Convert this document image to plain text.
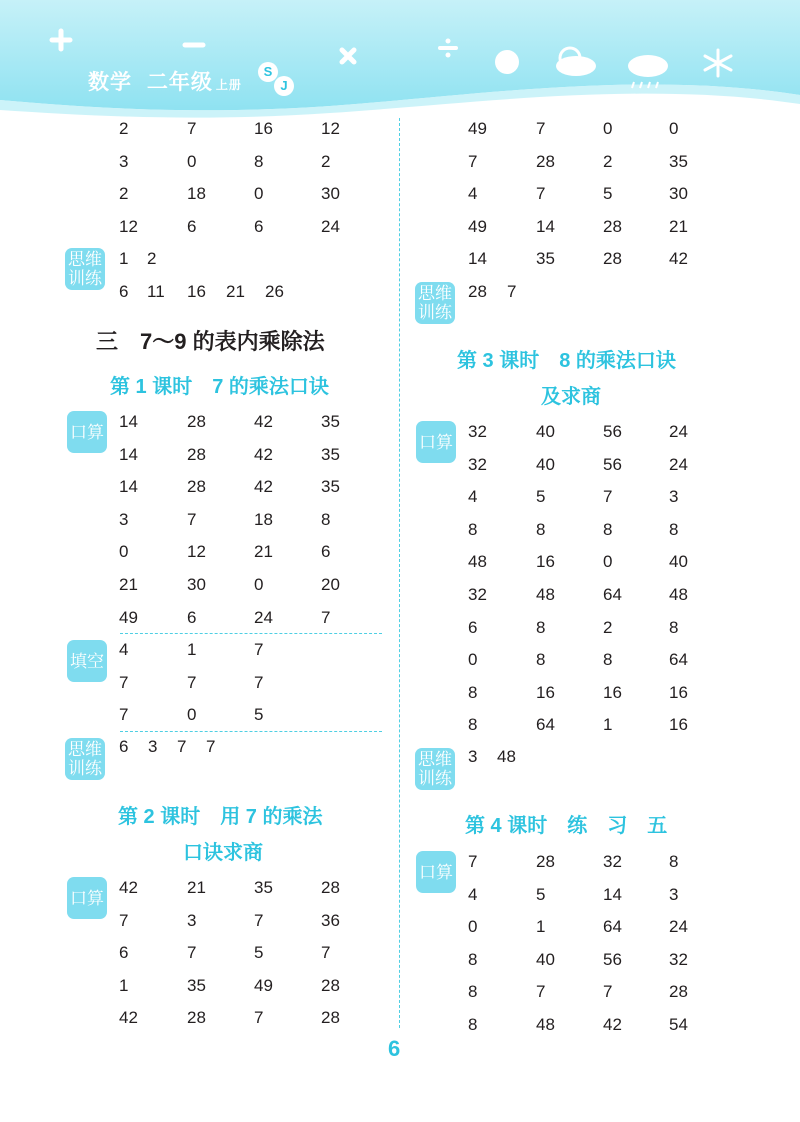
数学 二年级 上册
S
J
2	7	16	12
3	0	8	2
2	18	0	30
12	6	6	24
思维
训练
1 2
6 11 16 21 26
三　7～9 的表内乘除法
第 1 课时　7 的乘法口诀
口算
14	28	42	35
14	28	42	35
14	28	42	35
3	7	18	8
0	12	21	6
21	30	0	20
49	6	24	7
填空
4	1	7
7	7	7
7	0	5
思维
训练
6 3 7 7
第 2 课时　用 7 的乘法
口诀求商
口算
42	21	35	28
7	3	7	36
6	7	5	7
1	35	49	28
42	28	7	28
49	7	0	0
7	28	2	35
4	7	5	30
49	14	28	21
14	35	28	42
思维
训练
28 7
第 3 课时　8 的乘法口诀
及求商
口算
32	40	56	24
32	40	56	24
4	5	7	3
8	8	8	8
48	16	0	40
32	48	64	48
6	8	2	8
0	8	8	64
8	16	16	16
8	64	1	16
思维
训练
3 48
第 4 课时　练　习　五
口算
7	28	32	8
4	5	14	3
0	1	64	24
8	40	56	32
8	7	7	28
8	48	42	54
6
